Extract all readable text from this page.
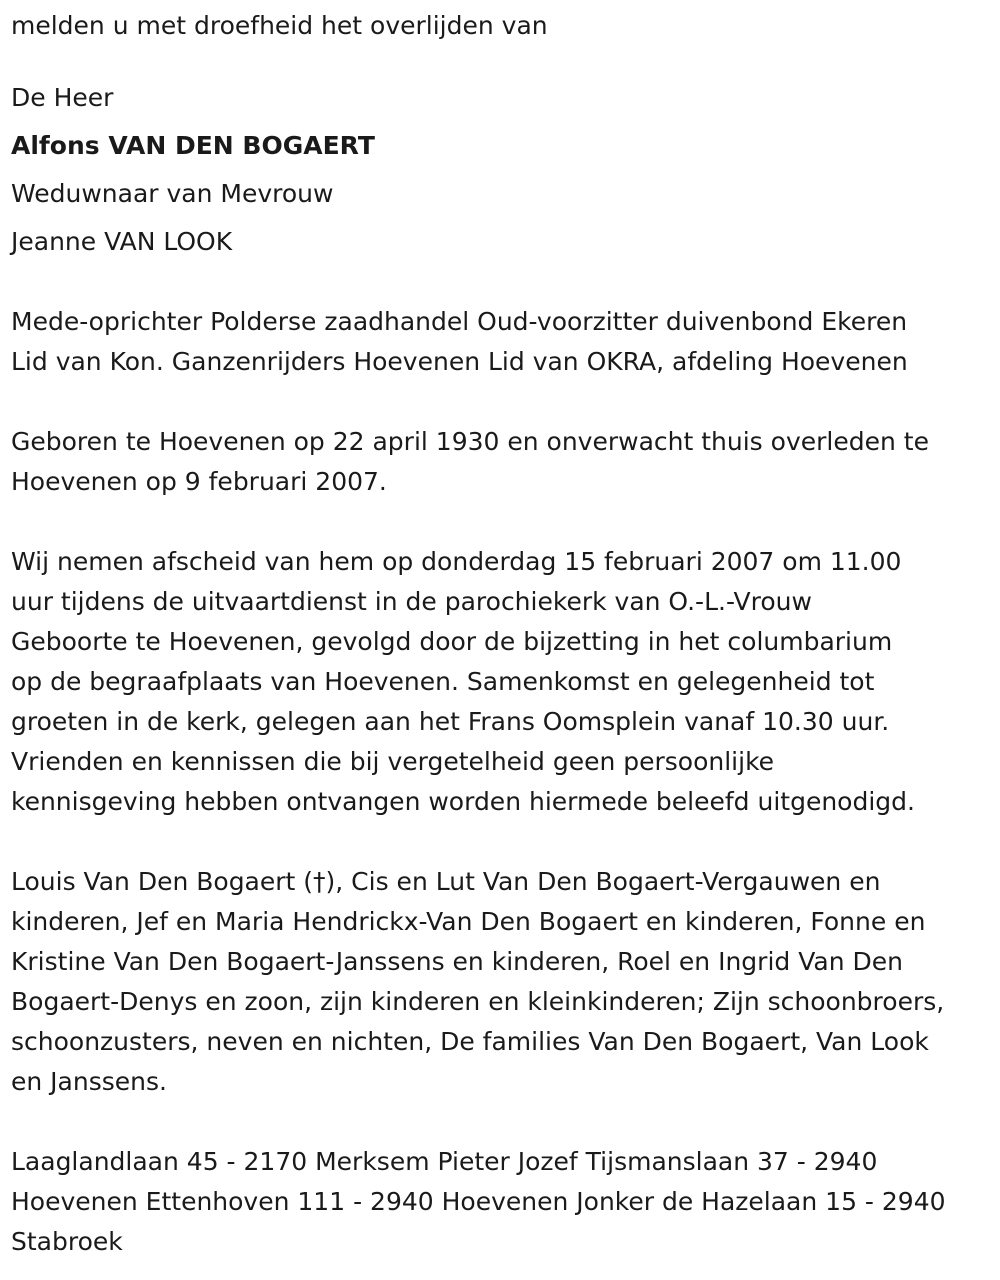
melden u met droefheid het overlijden van

De Heer

Alfons VAN DEN BOGAERT

Weduwnaar van Mevrouw

Jeanne VAN LOOK

Mede-oprichter Polderse zaadhandel Oud-voorzitter duivenbond Ekeren

Lid van Kon. Ganzenrijders Hoevenen Lid van OKRA, afdeling Hoevenen

Geboren te Hoevenen op 22 april 1930 en onverwacht thuis overleden te

Hoevenen op 9 februari 2007.

Wij nemen afscheid van hem op donderdag 15 februari 2007 om 11.00

uur tijdens de uitvaartdienst in de parochiekerk van O.-L.-Vrouw

Geboorte te Hoevenen, gevolgd door de bijzetting in het columbarium

op de begraafplaats van Hoevenen. Samenkomst en gelegenheid tot

groeten in de kerk, gelegen aan het Frans Oomsplein vanaf 10.30 uur.

Vrienden en kennissen die bij vergetelheid geen persoonlijke

kennisgeving hebben ontvangen worden hiermede beleefd uitgenodigd.

Louis Van Den Bogaert (†), Cis en Lut Van Den Bogaert-Vergauwen en

kinderen, Jef en Maria Hendrickx-Van Den Bogaert en kinderen, Fonne en

Kristine Van Den Bogaert-Janssens en kinderen, Roel en Ingrid Van Den

Bogaert-Denys en zoon, zijn kinderen en kleinkinderen; Zijn schoonbroers,

schoonzusters, neven en nichten, De families Van Den Bogaert, Van Look

en Janssens.

Laaglandlaan 45 - 2170 Merksem Pieter Jozef Tijsmanslaan 37 - 2940

Hoevenen Ettenhoven 111 - 2940 Hoevenen Jonker de Hazelaan 15 - 2940

Stabroek
